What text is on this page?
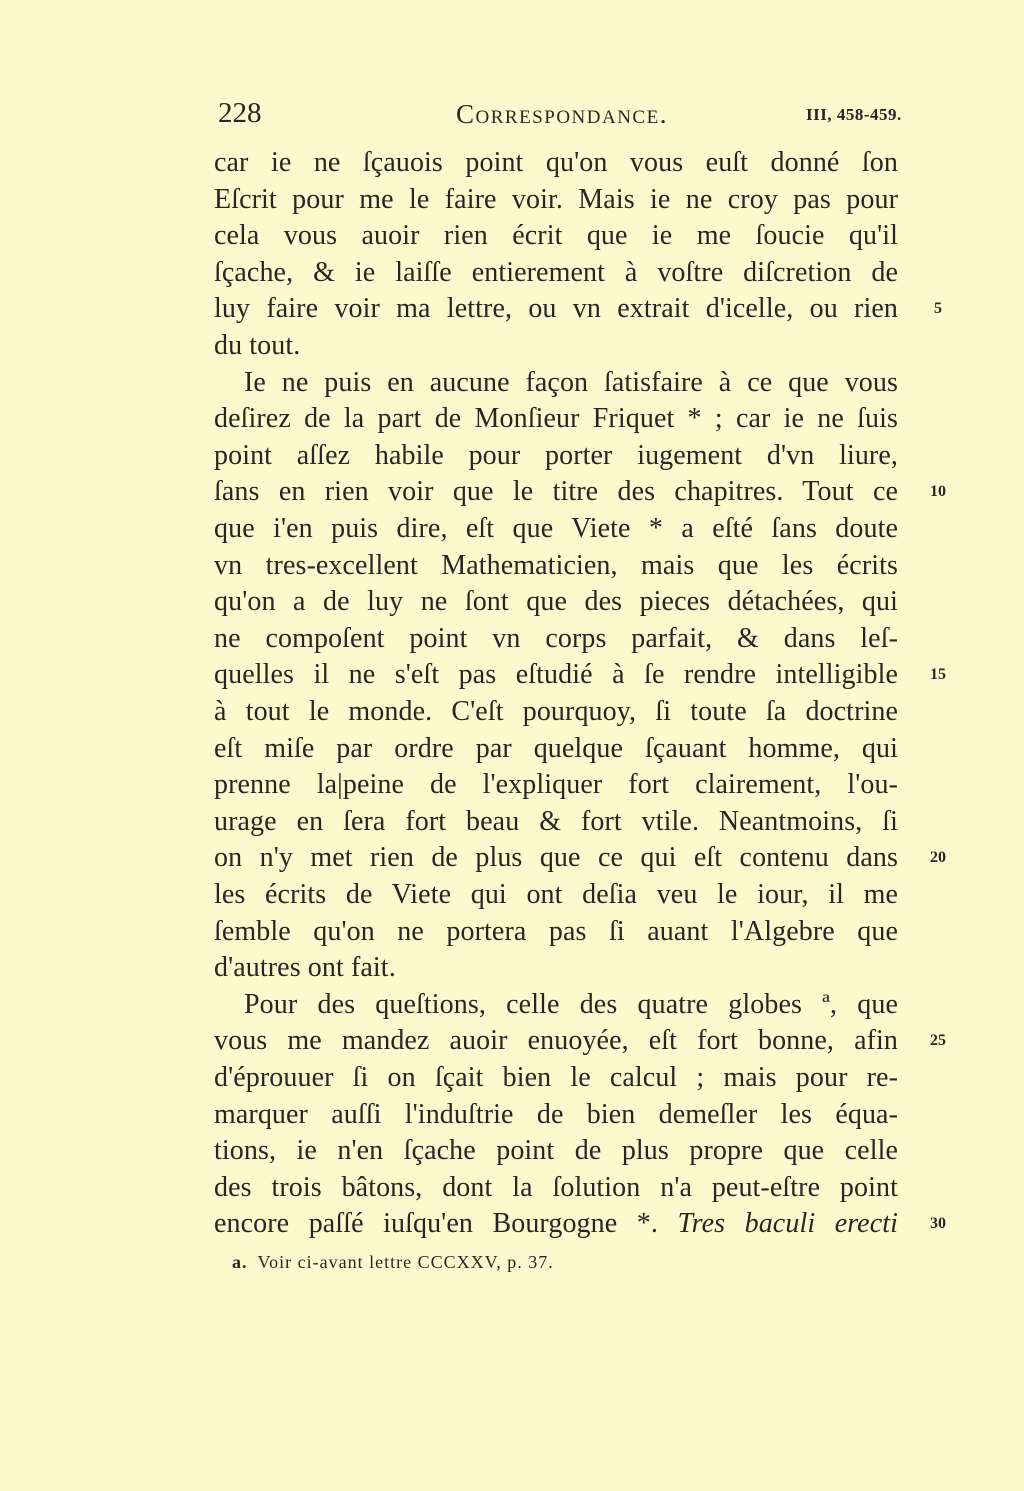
228	Correspondance.	III, 458-459.
car ie ne ſçauois point qu'on vous euſt donné ſon
Eſcrit pour me le faire voir. Mais ie ne croy pas pour
cela vous auoir rien écrit que ie me ſoucie qu'il
ſçache, & ie laiſſe entierement à voſtre diſcretion de
luy faire voir ma lettre, ou vn extrait d'icelle, ou rien
du tout.
Ie ne puis en aucune façon ſatisfaire à ce que vous
deſirez de la part de Monſieur Friquet * ; car ie ne ſuis
point aſſez habile pour porter iugement d'vn liure,
ſans en rien voir que le titre des chapitres. Tout ce
que i'en puis dire, eſt que Viete * a eſté ſans doute
vn tres-excellent Mathematicien, mais que les écrits
qu'on a de luy ne ſont que des pieces détachées, qui
ne compoſent point vn corps parfait, & dans leſ-
quelles il ne s'eſt pas eſtudié à ſe rendre intelligible
à tout le monde. C'eſt pourquoy, ſi toute ſa doctrine
eſt miſe par ordre par quelque ſçauant homme, qui
prenne la|peine de l'expliquer fort clairement, l'ou-
urage en ſera fort beau & fort vtile. Neantmoins, ſi
on n'y met rien de plus que ce qui eſt contenu dans
les écrits de Viete qui ont deſia veu le iour, il me
ſemble qu'on ne portera pas ſi auant l'Algebre que
d'autres ont fait.
Pour des queſtions, celle des quatre globes ª, que
vous me mandez auoir enuoyée, eſt fort bonne, afin
d'éprouuer ſi on ſçait bien le calcul ; mais pour re-
marquer auſſi l'induſtrie de bien demeſler les équa-
tions, ie n'en ſçache point de plus propre que celle
des trois bâtons, dont la ſolution n'a peut-eſtre point
encore paſſé iuſqu'en Bourgogne *. Tres baculi erecti
5
10
15
20
25
30
a. Voir ci-avant lettre CCCXXV, p. 37.
